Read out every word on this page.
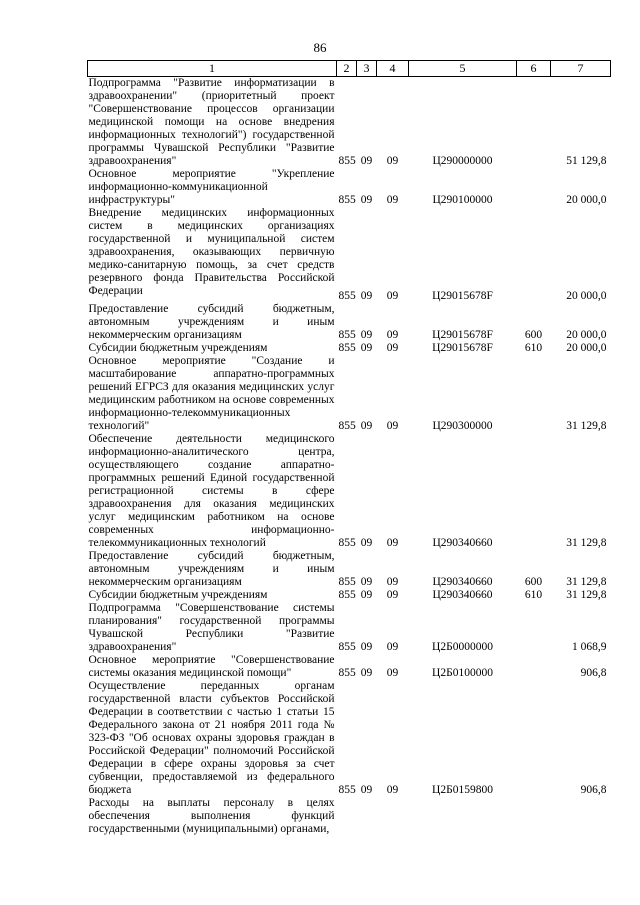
86
1	2	3	4	5	6	7
Подпрограмма "Развитие информатизации в здравоохранении" (приоритетный проект "Совершенствование процессов организации медицинской помощи на основе внедрения информационных технологий") государственной программы Чувашской Республики "Развитие здравоохранения"	855	09	09	Ц290000000		51 129,8
Основное мероприятие "Укрепление информационно-коммуникационной инфраструктуры"	855	09	09	Ц290100000		20 000,0
Внедрение медицинских информационных систем в медицинских организациях государственной и муниципальной систем здравоохранения, оказывающих первичную медико-санитарную помощь, за счет средств резервного фонда Правительства Российской Федерации	855	09	09	Ц29015678F		20 000,0
Предоставление субсидий бюджетным, автономным учреждениям и иным некоммерческим организациям	855	09	09	Ц29015678F	600	20 000,0
Субсидии бюджетным учреждениям	855	09	09	Ц29015678F	610	20 000,0
Основное мероприятие "Создание и масштабирование аппаратно-программных решений ЕГРСЗ для оказания медицинских услуг медицинским работником на основе современных информационно-телекоммуникационных технологий"	855	09	09	Ц290300000		31 129,8
Обеспечение деятельности медицинского информационно-аналитического центра, осуществляющего создание аппаратно-программных решений Единой государственной регистрационной системы в сфере здравоохранения для оказания медицинских услуг медицинским работником на основе современных информационно-телекоммуникационных технологий	855	09	09	Ц290340660		31 129,8
Предоставление субсидий бюджетным, автономным учреждениям и иным некоммерческим организациям	855	09	09	Ц290340660	600	31 129,8
Субсидии бюджетным учреждениям	855	09	09	Ц290340660	610	31 129,8
Подпрограмма "Совершенствование системы планирования" государственной программы Чувашской Республики "Развитие здравоохранения"	855	09	09	Ц2Б0000000		1 068,9
Основное мероприятие "Совершенствование системы оказания медицинской помощи"	855	09	09	Ц2Б0100000		906,8
Осуществление переданных органам государственной власти субъектов Российской Федерации в соответствии с частью 1 статьи 15 Федерального закона от 21 ноября 2011 года № 323-ФЗ "Об основах охраны здоровья граждан в Российской Федерации" полномочий Российской Федерации в сфере охраны здоровья за счет субвенции, предоставляемой из федерального бюджета	855	09	09	Ц2Б0159800		906,8
Расходы на выплаты персоналу в целях обеспечения выполнения функций государственными (муниципальными) органами,						
